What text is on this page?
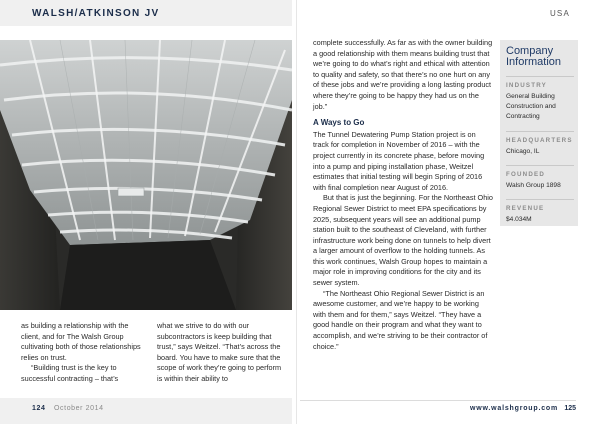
WALSH/ATKINSON JV	USA

as building a relationship with the client, and for The Walsh Group cultivating both of those relationships relies on trust.

“Building trust is the key to successful contracting – that’s

what we strive to do with our subcontractors is keep building that trust,” says Weitzel. “That’s across the board. You have to make sure that the scope of work they’re going to perform is within their ability to

complete successfully. As far as with the owner building a good relationship with them means building trust that we’re going to do what’s right and ethical with attention to quality and safety, so that there’s no one hurt on any of these jobs and we’re providing a long lasting product where they’re going to be happy they had us on the job.”

A Ways to Go

The Tunnel Dewatering Pump Station project is on track for completion in November of 2016 – with the project currently in its concrete phase, before moving into a pump and piping installation phase, Weitzel estimates that initial testing will begin Spring of 2016 with final completion near August of 2016.

But that is just the beginning. For the Northeast Ohio Regional Sewer District to meet EPA specifications by 2025, subsequent years will see an additional pump station built to the southeast of Cleveland, with further infrastructure work being done on tunnels to help divert a larger amount of overflow to the holding tunnels. As this work continues, Walsh Group hopes to maintain a major role in improving conditions for the city and its sewer system.

“The Northeast Ohio Regional Sewer District is an awesome customer, and we’re happy to be working with them and for them,” says Weitzel. “They have a good handle on their program and what they want to accomplish, and we’re striving to be their contractor of choice.”

Company Information
INDUSTRY
General Building Construction and Contracting
HEADQUARTERS
Chicago, IL
FOUNDED
Walsh Group 1898
REVENUE
$4.034M
124 October 2014	www.walshgroup.com 125
